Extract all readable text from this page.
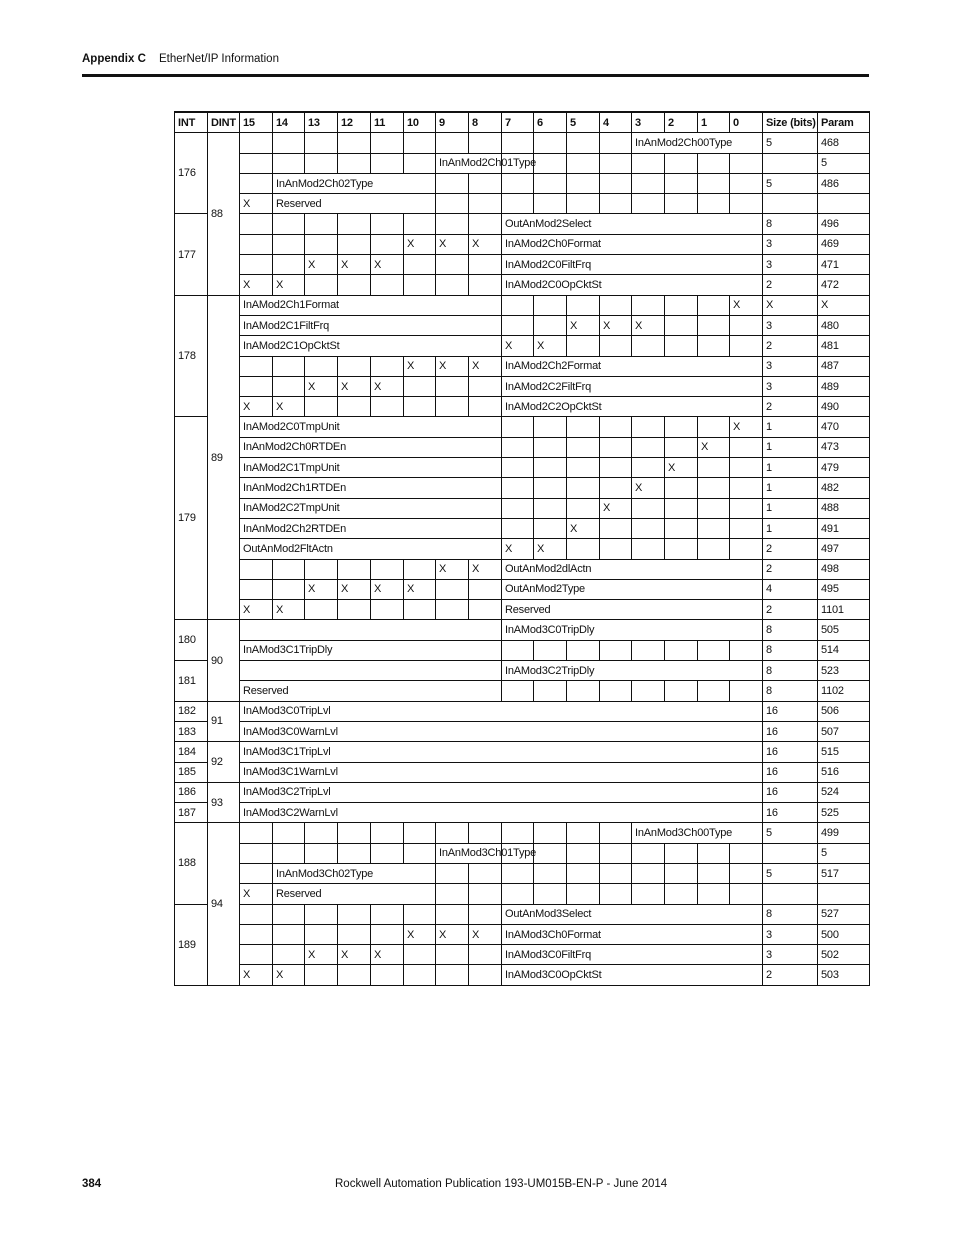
Appendix C EtherNet/IP Information
INT	DINT	15	14	13	12	11	10	9	8	7	6	5	4	3	2	1	0	Size (bits)	Param	
176	88													InAnMod2Ch00Type				5	468	
								InAnMod2Ch01Type											5	
			InAnMod2Ch02Type															5	486	
		X	Reserved														
177										OutAnMod2Select								8	496	
							X	X	X	InAMod2Ch0Format								3	469	
				X	X	X				InAMod2C0FiltFrq								3	471	
		X	X							InAMod2C0OpCktSt								2	472	
178	89	InAMod2Ch1Format															X	X	X		
		InAMod2C1FiltFrq										X	X	X				3	480	
		InAMod2C1OpCktSt								X	X							2	481	
							X	X	X	InAMod2Ch2Format								3	487	
				X	X	X				InAMod2C2FiltFrq								3	489	
		X	X							InAMod2C2OpCktSt								2	490	
179		InAMod2C0TmpUnit															X	1	470	
		InAnMod2Ch0RTDEn														X		1	473	
		InAMod2C1TmpUnit													X			1	479	
		InAnMod2Ch1RTDEn												X				1	482	
		InAMod2C2TmpUnit											X					1	488	
		InAnMod2Ch2RTDEn										X						1	491	
		OutAnMod2FltActn								X	X							2	497	
								X	X	OutAnMod2dlActn								2	498	
				X	X	X	X			OutAnMod2Type								4	495	
		X	X							Reserved								2	1101	
180	90									InAMod3C0TripDly								8	505	
		InAMod3C1TripDly																8	514	
181										InAMod3C2TripDly								8	523	
		Reserved																8	1102	
182	91	InAMod3C0TripLvl																16	506	
183		InAMod3C0WarnLvl																16	507	
184	92	InAMod3C1TripLvl																16	515	
185		InAMod3C1WarnLvl																16	516	
186	93	InAMod3C2TripLvl																16	524	
187		InAMod3C2WarnLvl																16	525	
188	94													InAnMod3Ch00Type				5	499	
								InAnMod3Ch01Type											5	
			InAnMod3Ch02Type															5	517	
		X	Reserved														
189										OutAnMod3Select								8	527	
							X	X	X	InAMod3Ch0Format								3	500	
				X	X	X				InAMod3C0FiltFrq								3	502	
		X	X							InAMod3C0OpCktSt								2	503	
384	Rockwell Automation Publication 193-UM015B-EN-P - June 2014
